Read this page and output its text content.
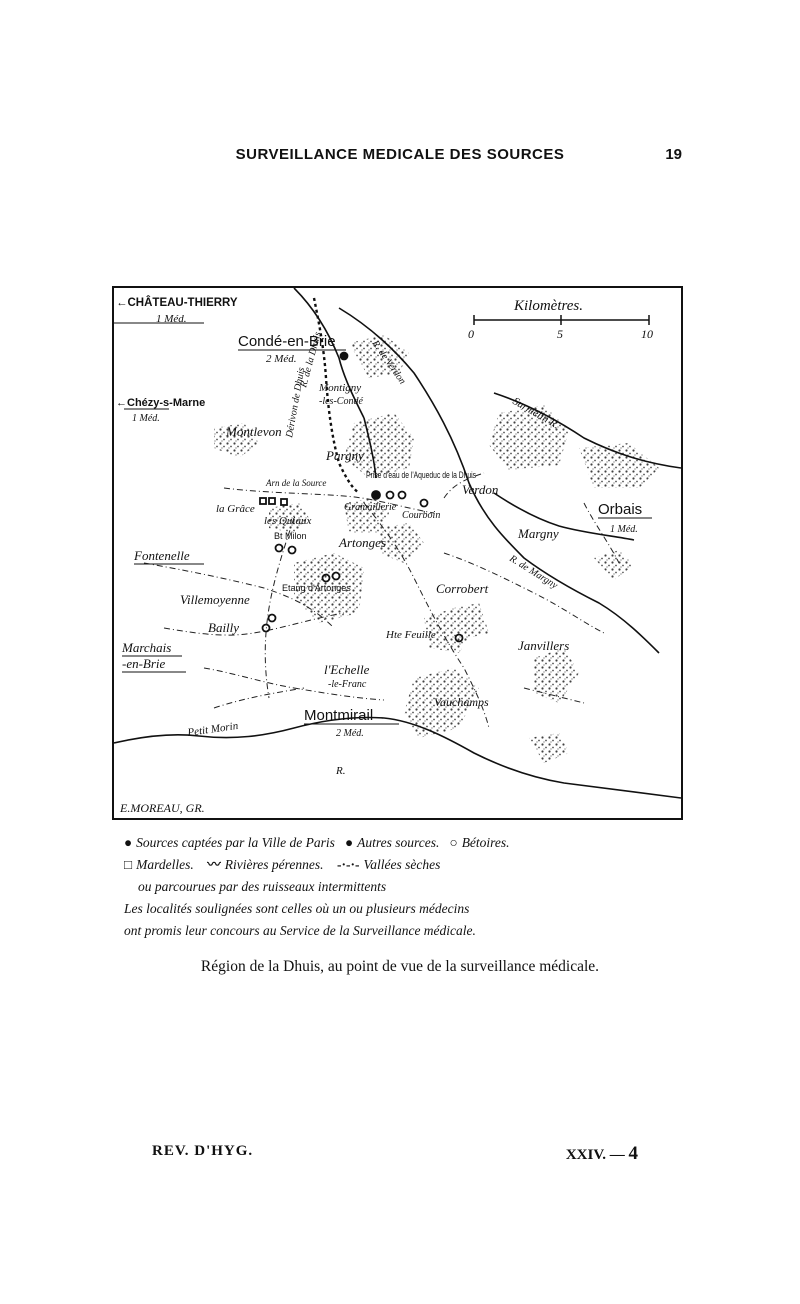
SURVEILLANCE MEDICALE DES SOURCES	19
Kilomètres.
0	5	10
←CHÂTEAU-THIERRY
1 Méd.
Condé-en-Brie
2 Méd.
←Chézy-s-Marne
1 Méd.
Montlevon
Montigny
-les-Condé
Pargny
Prise d'eau de l'Aqueduc de la Dhuis
Verdon
Orbais
1 Méd.
Margny
la Grâce
Arn de la Source
les Quiaux
Bt Milon
Gramaillerie
Courboin
Artonges
Fontenelle
Villemoyenne
Etang d'Artonges	Corrobert
Bailly
Marchais
-en-Brie
Hte Feuille
Janvillers
l'Echelle
-le-Franc
Vauchamps
Montmirail
2 Méd.
Petit Morin
R. de Verdon
Surmelin R.
Dérivon de Dhuis
R. de la Dhuis
R. de Margny
R.
E.MOREAU, GR.
● Sources captées par la Ville de Paris ● Autres sources. ○ Bétoires.
□ Mardelles. 〰 Rivières pérennes. -·-·- Vallées sèches
ou parcourues par des ruisseaux intermittents
Les localités soulignées sont celles où un ou plusieurs médecins
ont promis leur concours au Service de la Surveillance médicale.
Région de la Dhuis, au point de vue de la surveillance médicale.
REV. D'HYG.	XXIV. — 4
